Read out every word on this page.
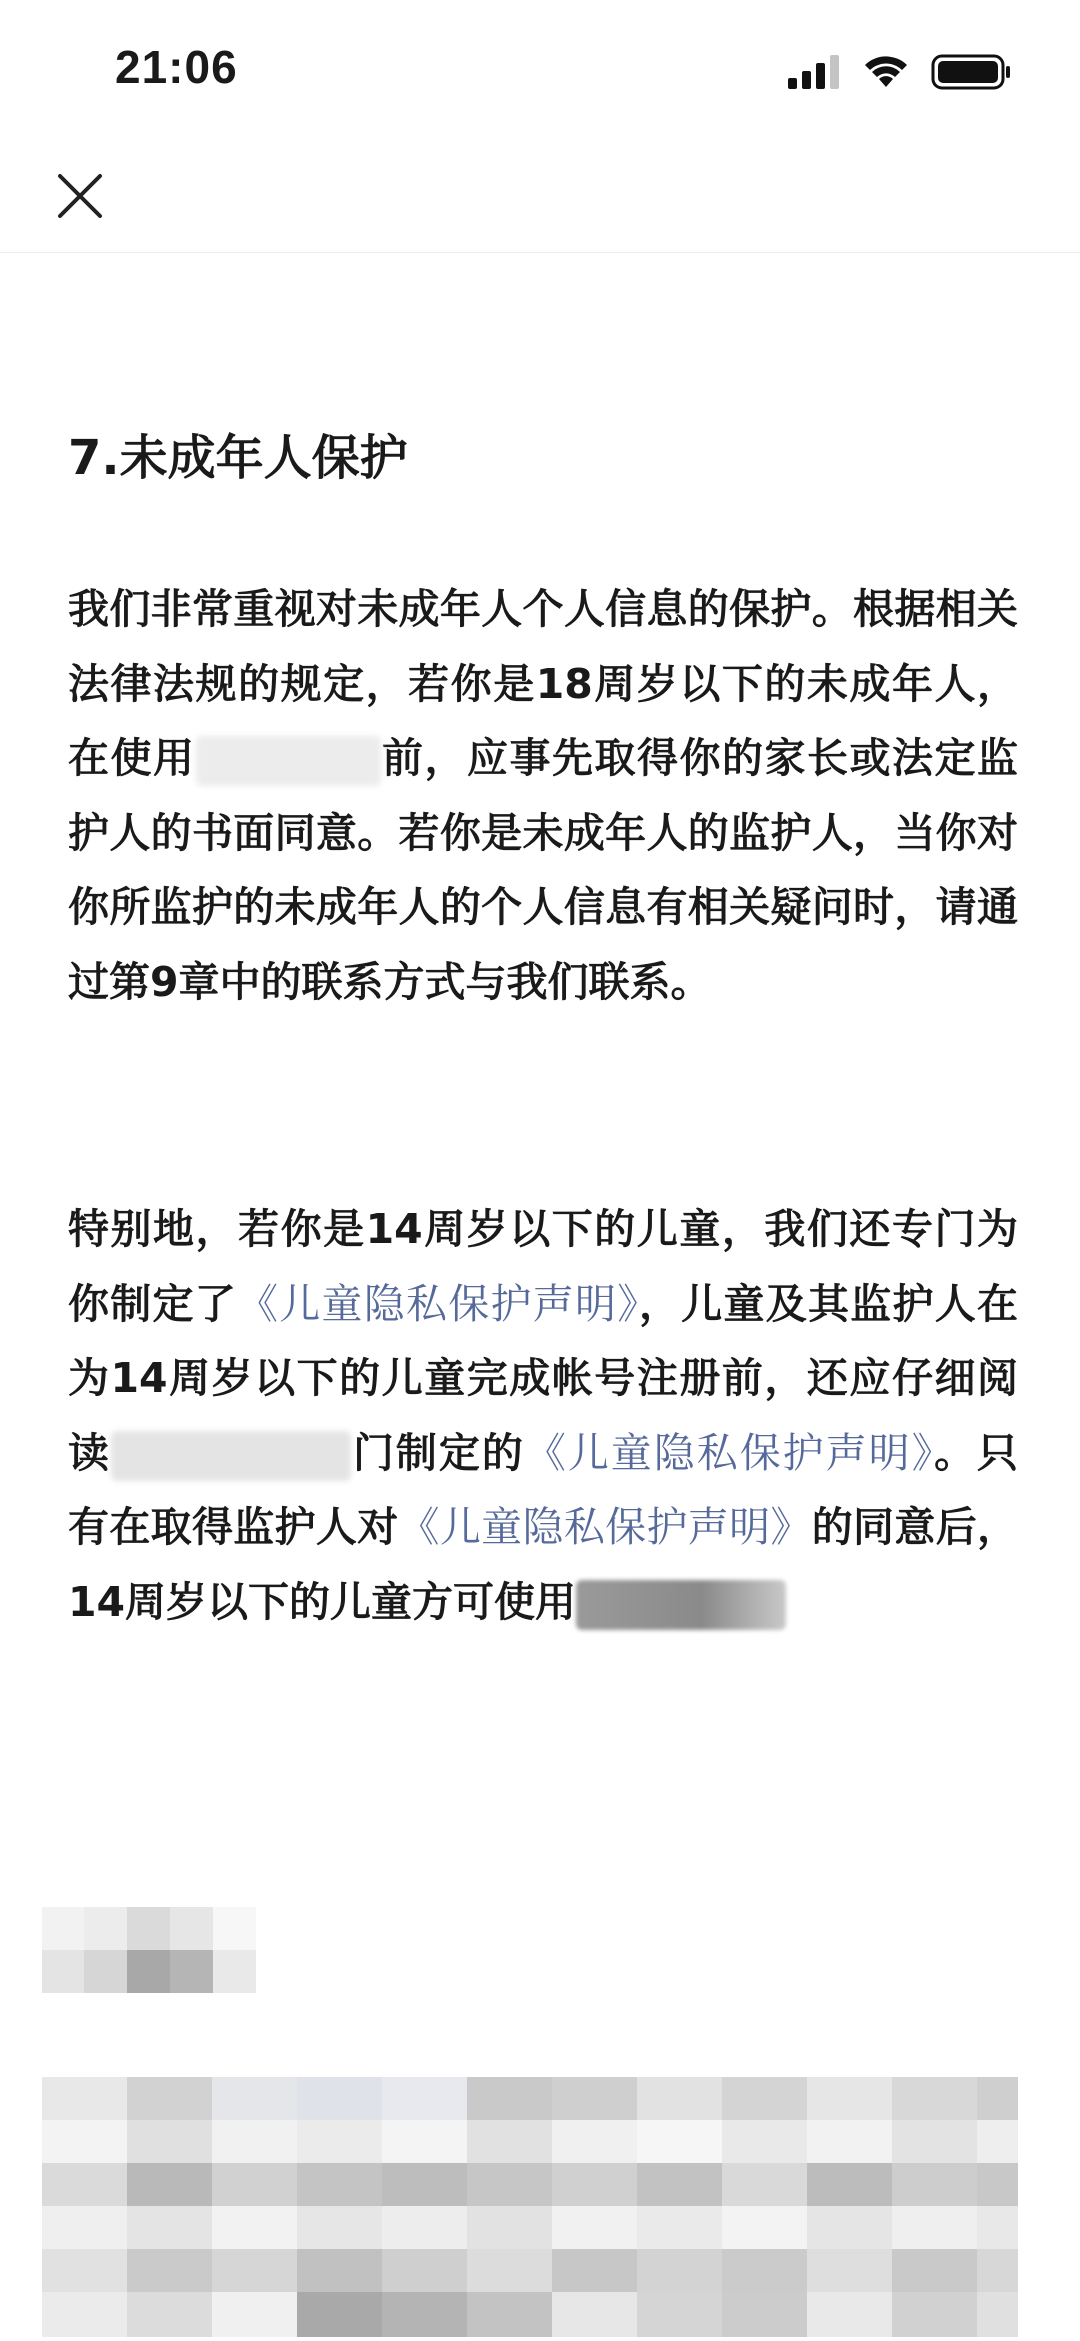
21:06
7.未成年人保护

我们非常重视对未成年人个人信息的保护。根据相关法律法规的规定，若你是18周岁以下的未成年人，在使用	前，应事先取得你的家长或法定监护人的书面同意。若你是未成年人的监护人，当你对你所监护的未成年人的个人信息有相关疑问时，请通过第9章中的联系方式与我们联系。

特别地，若你是14周岁以下的儿童，我们还专门为你制定了《儿童隐私保护声明》，儿童及其监护人在为14周岁以下的儿童完成帐号注册前，还应仔细阅读	门制定的《儿童隐私保护声明》。只有在取得监护人对《儿童隐私保护声明》的同意后，14周岁以下的儿童方可使用
